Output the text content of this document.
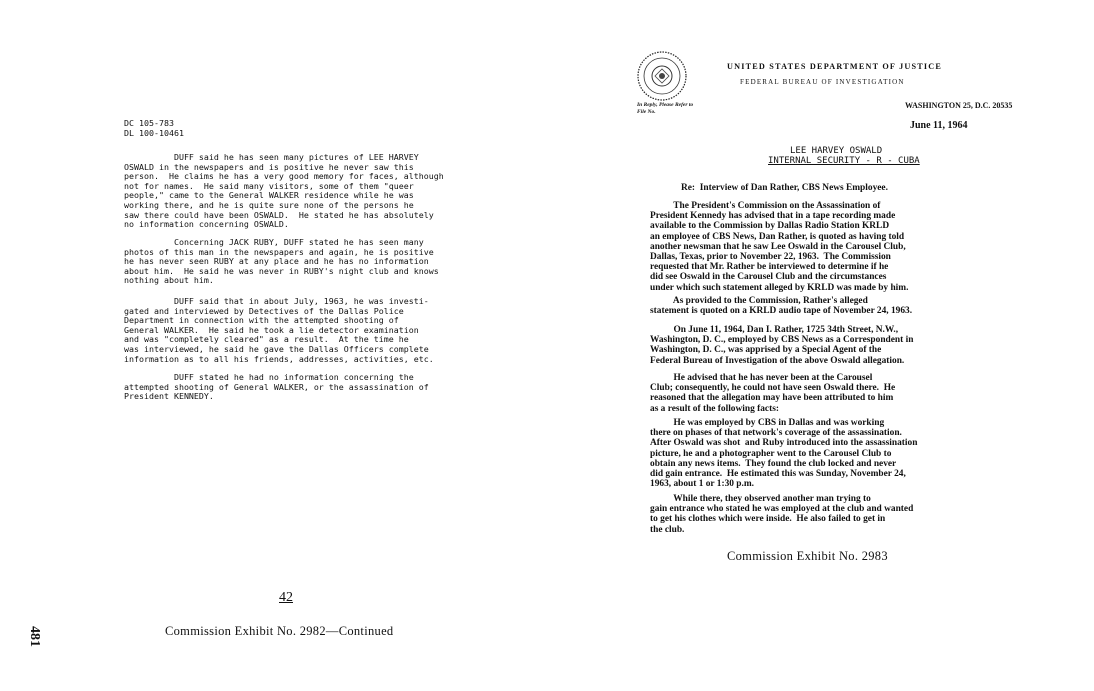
DC 105-783
DL 100-10461
DUFF said he has seen many pictures of LEE HARVEY
OSWALD in the newspapers and is positive he never saw this
person.  He claims he has a very good memory for faces, although
not for names.  He said many visitors, some of them "queer
people," came to the General WALKER residence while he was
working there, and he is quite sure none of the persons he
saw there could have been OSWALD.  He stated he has absolutely
no information concerning OSWALD.
Concerning JACK RUBY, DUFF stated he has seen many
photos of this man in the newspapers and again, he is positive
he has never seen RUBY at any place and he has no information
about him.  He said he was never in RUBY's night club and knows
nothing about him.
DUFF said that in about July, 1963, he was investi-
gated and interviewed by Detectives of the Dallas Police
Department in connection with the attempted shooting of
General WALKER.  He said he took a lie detector examination
and was "completely cleared" as a result.  At the time he
was interviewed, he said he gave the Dallas Officers complete
information as to all his friends, addresses, activities, etc.
DUFF stated he had no information concerning the
attempted shooting of General WALKER, or the assassination of
President KENNEDY.
42
Commission Exhibit No. 2982—Continued
481
UNITED STATES DEPARTMENT OF JUSTICE
FEDERAL BUREAU OF INVESTIGATION
In Reply, Please Refer to
File No.
WASHINGTON 25, D.C. 20535
June 11, 1964
LEE HARVEY OSWALD
INTERNAL SECURITY - R - CUBA
Re:  Interview of Dan Rather, CBS News Employee.
The President's Commission on the Assassination of
President Kennedy has advised that in a tape recording made
available to the Commission by Dallas Radio Station KRLD
an employee of CBS News, Dan Rather, is quoted as having told
another newsman that he saw Lee Oswald in the Carousel Club,
Dallas, Texas, prior to November 22, 1963.  The Commission
requested that Mr. Rather be interviewed to determine if he
did see Oswald in the Carousel Club and the circumstances
under which such statement alleged by KRLD was made by him.
As provided to the Commission, Rather's alleged
statement is quoted on a KRLD audio tape of November 24, 1963.
On June 11, 1964, Dan I. Rather, 1725 34th Street, N.W.,
Washington, D. C., employed by CBS News as a Correspondent in
Washington, D. C., was apprised by a Special Agent of the
Federal Bureau of Investigation of the above Oswald allegation.
He advised that he has never been at the Carousel
Club; consequently, he could not have seen Oswald there.  He
reasoned that the allegation may have been attributed to him
as a result of the following facts:
He was employed by CBS in Dallas and was working
there on phases of that network's coverage of the assassination.
After Oswald was shot  and Ruby introduced into the assassination
picture, he and a photographer went to the Carousel Club to
obtain any news items.  They found the club locked and never
did gain entrance.  He estimated this was Sunday, November 24,
1963, about 1 or 1:30 p.m.
While there, they observed another man trying to
gain entrance who stated he was employed at the club and wanted
to get his clothes which were inside.  He also failed to get in
the club.
Commission Exhibit No. 2983
